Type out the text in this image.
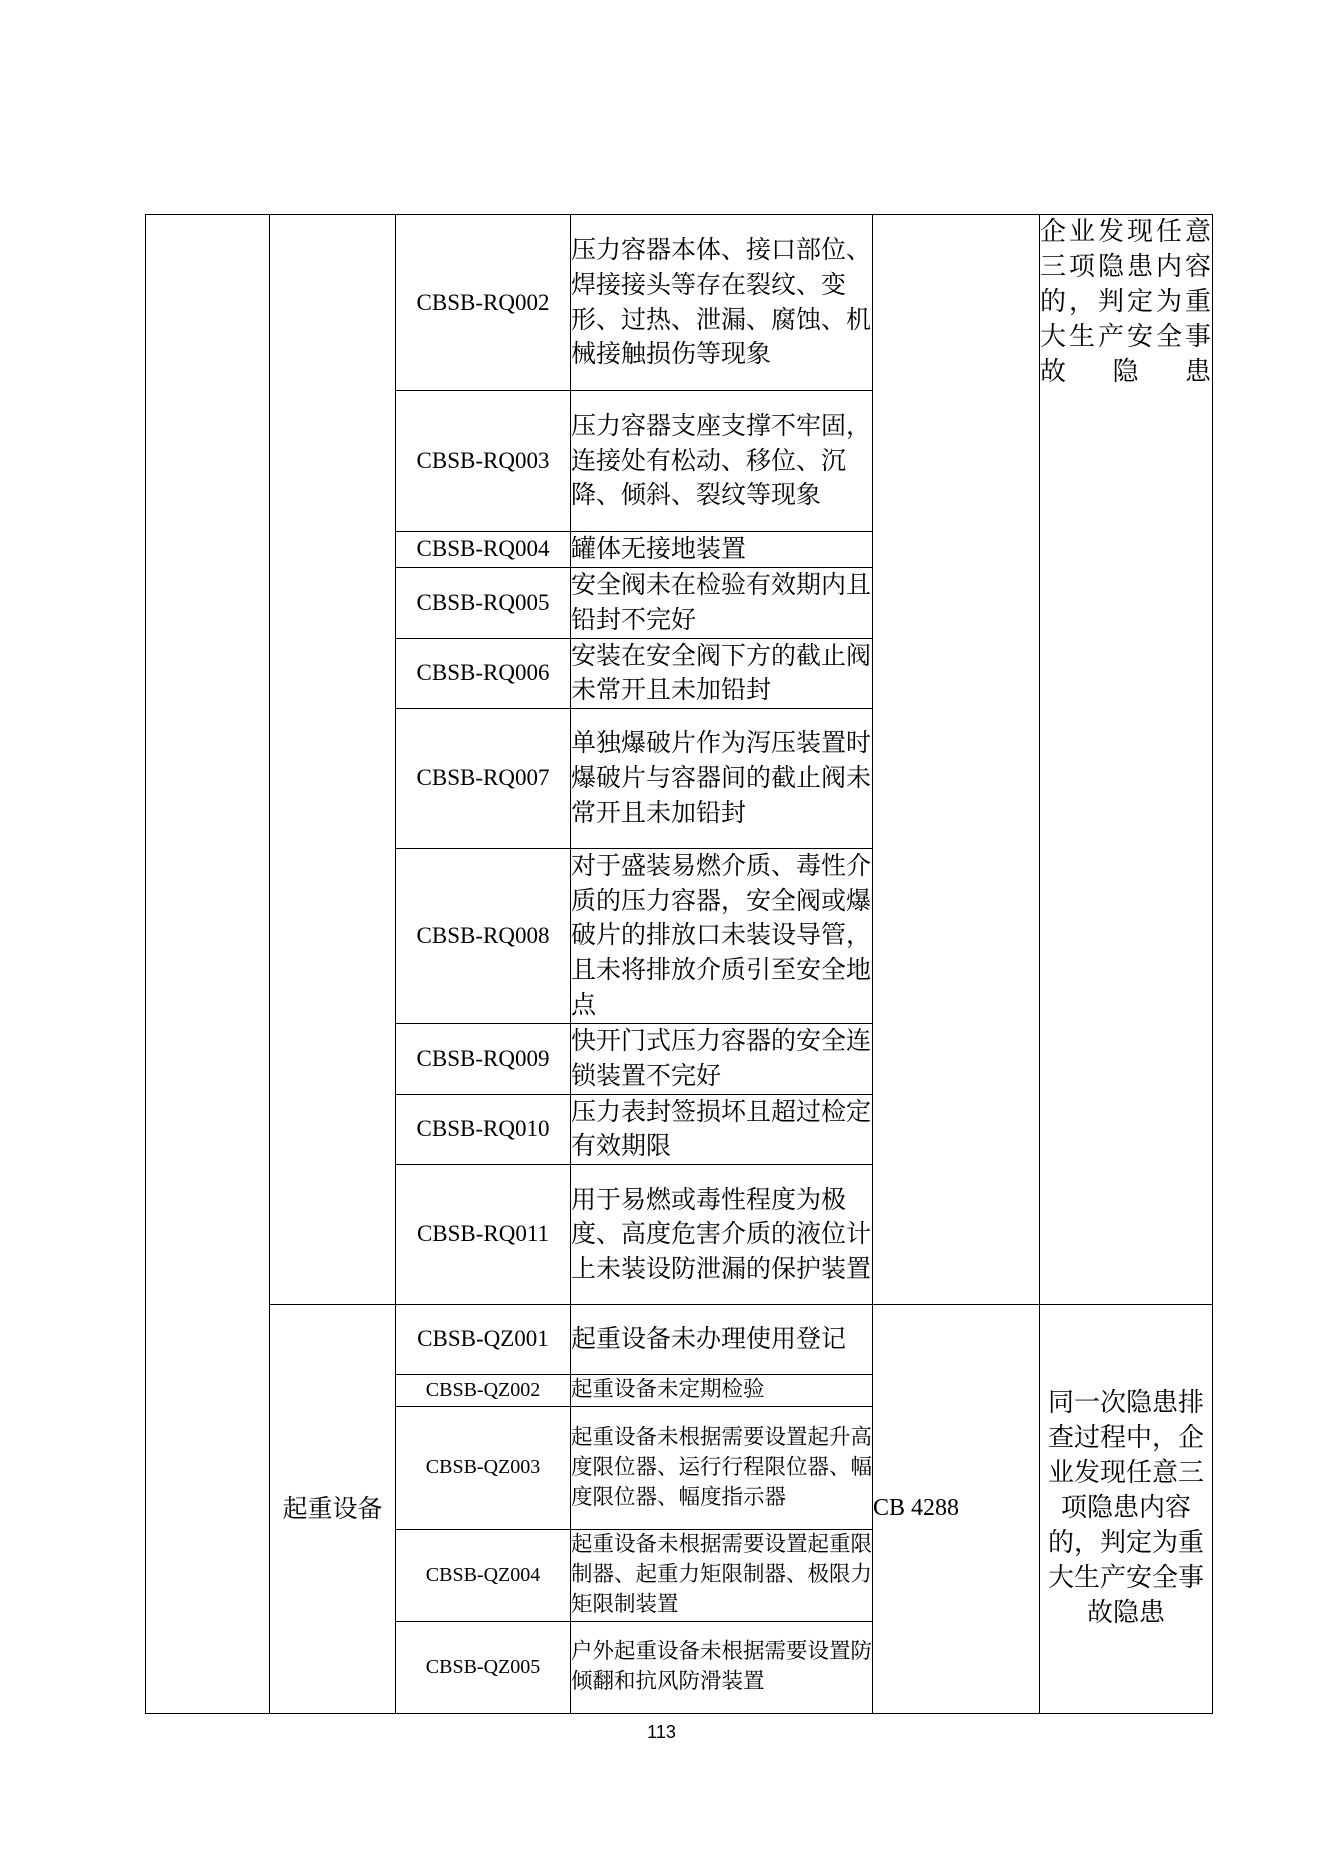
		CBSB-RQ002	压力容器本体、接口部位、焊接接头等存在裂纹、变形、过热、泄漏、腐蚀、机械接触损伤等现象		企业发现任意三项隐患内容的，判定为重大生产安全事故隐患
		CBSB-RQ003	压力容器支座支撑不牢固，连接处有松动、移位、沉降、倾斜、裂纹等现象		
		CBSB-RQ004	罐体无接地装置		
		CBSB-RQ005	安全阀未在检验有效期内且铅封不完好		
		CBSB-RQ006	安装在安全阀下方的截止阀未常开且未加铅封		
		CBSB-RQ007	单独爆破片作为泻压装置时爆破片与容器间的截止阀未常开且未加铅封		
		CBSB-RQ008	对于盛装易燃介质、毒性介质的压力容器，安全阀或爆破片的排放口未装设导管，且未将排放介质引至安全地点		
		CBSB-RQ009	快开门式压力容器的安全连锁装置不完好		
		CBSB-RQ010	压力表封签损坏且超过检定有效期限		
		CBSB-RQ011	用于易燃或毒性程度为极度、高度危害介质的液位计上未装设防泄漏的保护装置		
	起重设备	CBSB-QZ001	起重设备未办理使用登记	CB 4288	同一次隐患排查过程中，企业发现任意三项隐患内容的，判定为重大生产安全事故隐患
		CBSB-QZ002	起重设备未定期检验		
		CBSB-QZ003	起重设备未根据需要设置起升高度限位器、运行行程限位器、幅度限位器、幅度指示器		
		CBSB-QZ004	起重设备未根据需要设置起重限制器、起重力矩限制器、极限力矩限制装置		
		CBSB-QZ005	户外起重设备未根据需要设置防倾翻和抗风防滑装置		
113
